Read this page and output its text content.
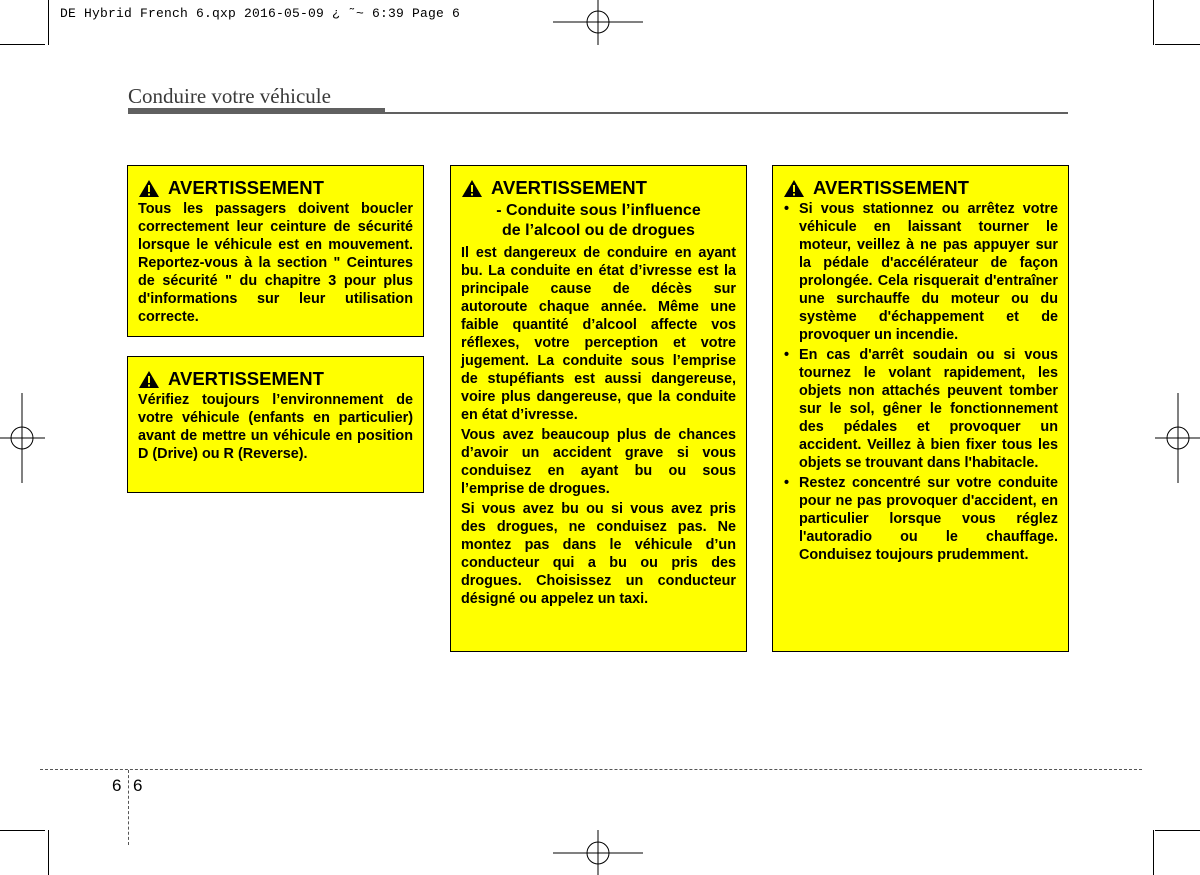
DE Hybrid French 6.qxp 2016-05-09 ¿ ˜~ 6:39 Page 6
Conduire votre véhicule
AVERTISSEMENT

Tous les passagers doivent boucler correctement leur ceinture de sécurité lorsque le véhicule est en mouvement. Reportez-vous à la section " Ceintures de sécurité " du chapitre 3 pour plus d'informations sur leur utilisation correcte.

AVERTISSEMENT

Vérifiez toujours l’environnement de votre véhicule (enfants en particulier) avant de mettre un véhicule en position D (Drive) ou R (Reverse).

AVERTISSEMENT
- Conduite sous l’influence
de l’alcool ou de drogues

Il est dangereux de conduire en ayant bu. La conduite en état d’ivresse est la principale cause de décès sur autoroute chaque année. Même une faible quantité d’alcool affecte vos réflexes, votre perception et votre jugement. La conduite sous l’emprise de stupéfiants est aussi dangereuse, voire plus dangereuse, que la conduite en état d’ivresse.

Vous avez beaucoup plus de chances d’avoir un accident grave si vous conduisez en ayant bu ou sous l’emprise de drogues.

Si vous avez bu ou si vous avez pris des drogues, ne conduisez pas. Ne montez pas dans le véhicule d’un conducteur qui a bu ou pris des drogues. Choisissez un conducteur désigné ou appelez un taxi.

AVERTISSEMENT
• Si vous stationnez ou arrêtez votre véhicule en laissant tourner le moteur, veillez à ne pas appuyer sur la pédale d'accélérateur de façon prolongée. Cela risquerait d'entraîner une surchauffe du moteur ou du système d'échappement et de provoquer un incendie.
• En cas d'arrêt soudain ou si vous tournez le volant rapidement, les objets non attachés peuvent tomber sur le sol, gêner le fonctionnement des pédales et provoquer un accident. Veillez à bien fixer tous les objets se trouvant dans l'habitacle.
• Restez concentré sur votre conduite pour ne pas provoquer d'accident, en particulier lorsque vous réglez l'autoradio ou le chauffage. Conduisez toujours prudemment.
6 6
